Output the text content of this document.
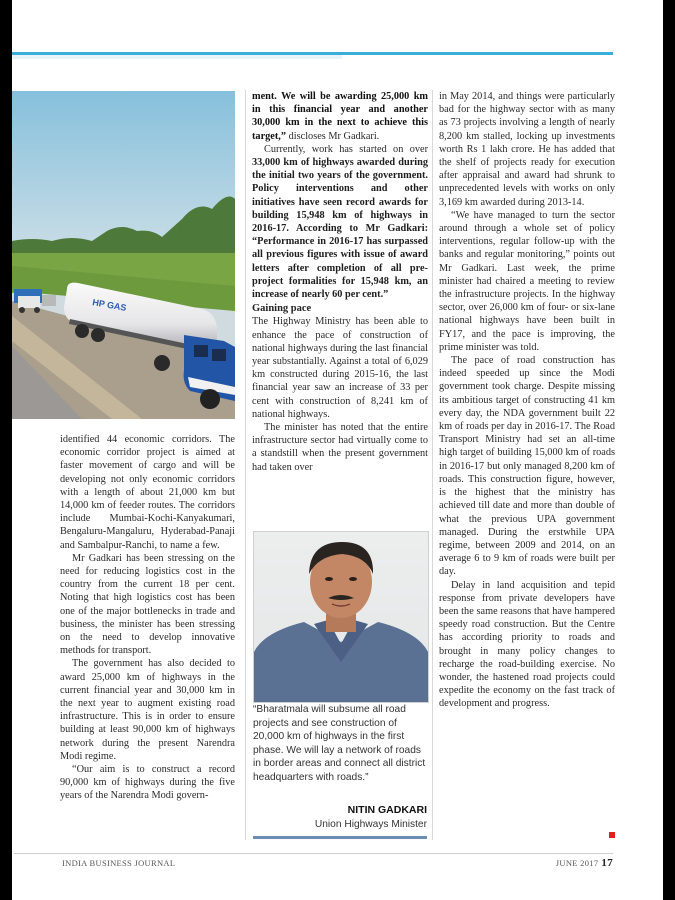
HP GAS

identified 44 economic corridors. The economic corridor project is aimed at faster movement of cargo and will be developing not only economic corridors with a length of about 21,000 km but 14,000 km of feeder routes. The corridors include Mumbai-Kochi-Kanyakumari, Bengaluru-Mangaluru, Hyderabad-Panaji and Sambalpur-Ranchi, to name a few.

Mr Gadkari has been stressing on the need for reducing logistics cost in the country from the current 18 per cent. Noting that high logistics cost has been one of the major bottlenecks in trade and business, the minister has been stressing on the need to develop innovative methods for transport.

The government has also decided to award 25,000 km of highways in the current financial year and 30,000 km in the next year to augment existing road infrastructure. This is in order to ensure building at least 90,000 km of highways network during the present Narendra Modi regime.

“Our aim is to construct a record 90,000 km of highways during the five years of the Narendra Modi govern-

ment. We will be awarding 25,000 km in this financial year and another 30,000 km in the next to achieve this target,” discloses Mr Gadkari.

Currently, work has started on over 33,000 km of highways awarded during the initial two years of the government. Policy interventions and other initiatives have seen record awards for building 15,948 km of highways in 2016-17. According to Mr Gadkari: “Performance in 2016-17 has surpassed all previous figures with issue of award letters after completion of all pre-project formalities for 15,948 km, an increase of nearly 60 per cent.”

Gaining pace

The Highway Ministry has been able to enhance the pace of construction of national highways during the last financial year substantially. Against a total of 6,029 km constructed during 2015-16, the last financial year saw an increase of 33 per cent with construction of 8,241 km of national highways.

The minister has noted that the entire infrastructure sector had virtually come to a standstill when the present government had taken over

in May 2014, and things were particularly bad for the highway sector with as many as 73 projects involving a length of nearly 8,200 km stalled, locking up investments worth Rs 1 lakh crore. He has added that the shelf of projects ready for execution after appraisal and award had shrunk to unprecedented levels with works on only 3,169 km awarded during 2013-14.

“We have managed to turn the sector around through a whole set of policy interventions, regular follow-up with the banks and regular monitoring,” points out Mr Gadkari. Last week, the prime minister had chaired a meeting to review the infrastructure projects. In the highway sector, over 26,000 km of four- or six-lane national highways have been built in FY17, and the pace is improving, the prime minister was told.

The pace of road construction has indeed speeded up since the Modi government took charge. Despite missing its ambitious target of constructing 41 km every day, the NDA government built 22 km of roads per day in 2016-17. The Road Transport Ministry had set an all-time high target of building 15,000 km of roads in 2016-17 but only managed 8,200 km of roads. This construction figure, however, is the highest that the ministry has achieved till date and more than double of what the previous UPA government managed. During the erstwhile UPA regime, between 2009 and 2014, on an average 6 to 9 km of roads were built per day.

Delay in land acquisition and tepid response from private developers have been the same reasons that have hampered speedy road construction. But the Centre has according priority to roads and brought in many policy changes to recharge the road-building exercise. No wonder, the hastened road projects could expedite the economy on the fast track of development and progress.

“Bharatmala will subsume all road projects and see construction of 20,000 km of highways in the first phase. We will lay a network of roads in border areas and connect all district headquarters with roads.”
NITIN GADKARI
Union Highways Minister
INDIA BUSINESS JOURNAL	JUNE 2017 17
